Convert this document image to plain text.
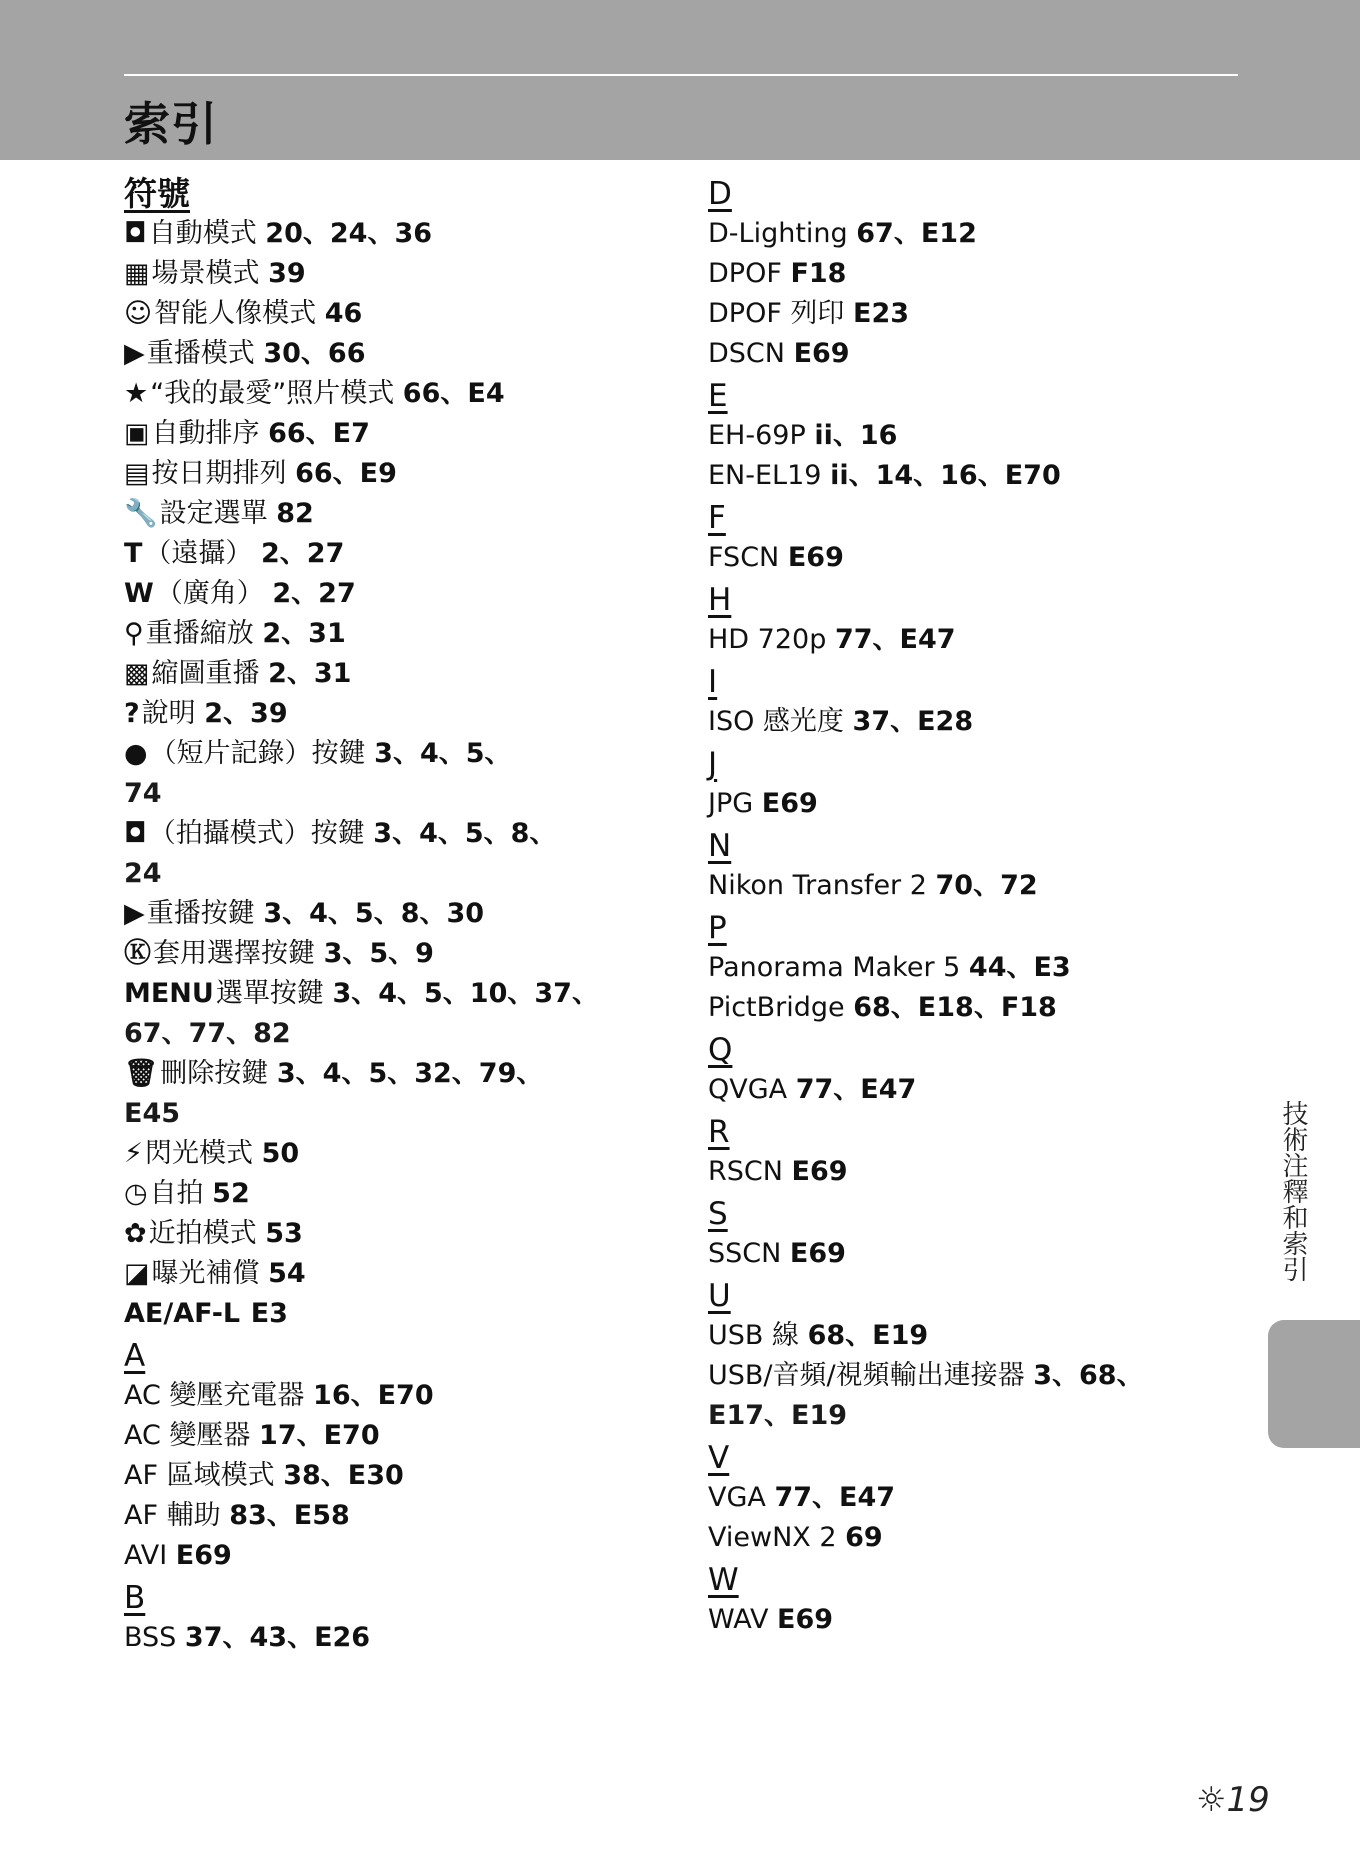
索引
符號
◘自動模式 20、24、36
▦場景模式 39
☺智能人像模式 46
▶重播模式 30、66
★“我的最愛”照片模式 66、E4
▣自動排序 66、E7
▤按日期排列 66、E9
🔧設定選單 82
T（遠攝） 2、27
W（廣角） 2、27
⚲重播縮放 2、31
▩縮圖重播 2、31
?說明 2、39
●（短片記錄）按鍵 3、4、5、
74
◘（拍攝模式）按鍵 3、4、5、8、
24
▶重播按鍵 3、4、5、8、30
Ⓚ套用選擇按鍵 3、5、9
MENU選單按鍵 3、4、5、10、37、
67、77、82
🗑刪除按鍵 3、4、5、32、79、
E45
⚡閃光模式 50
◷自拍 52
✿近拍模式 53
◪曝光補償 54
AE/AF-L E3
A
AC 變壓充電器 16、E70
AC 變壓器 17、E70
AF 區域模式 38、E30
AF 輔助 83、E58
AVI E69
B
BSS 37、43、E26
D
D-Lighting 67、E12
DPOF F18
DPOF 列印 E23
DSCN E69
E
EH-69P ii、16
EN-EL19 ii、14、16、E70
F
FSCN E69
H
HD 720p 77、E47
I
ISO 感光度 37、E28
J
JPG E69
N
Nikon Transfer 2 70、72
P
Panorama Maker 5 44、E3
PictBridge 68、E18、F18
Q
QVGA 77、E47
R
RSCN E69
S
SSCN E69
U
USB 線 68、E19
USB/音頻/視頻輸出連接器 3、68、
E17、E19
V
VGA 77、E47
ViewNX 2 69
W
WAV E69
技術注釋和索引
☼19
